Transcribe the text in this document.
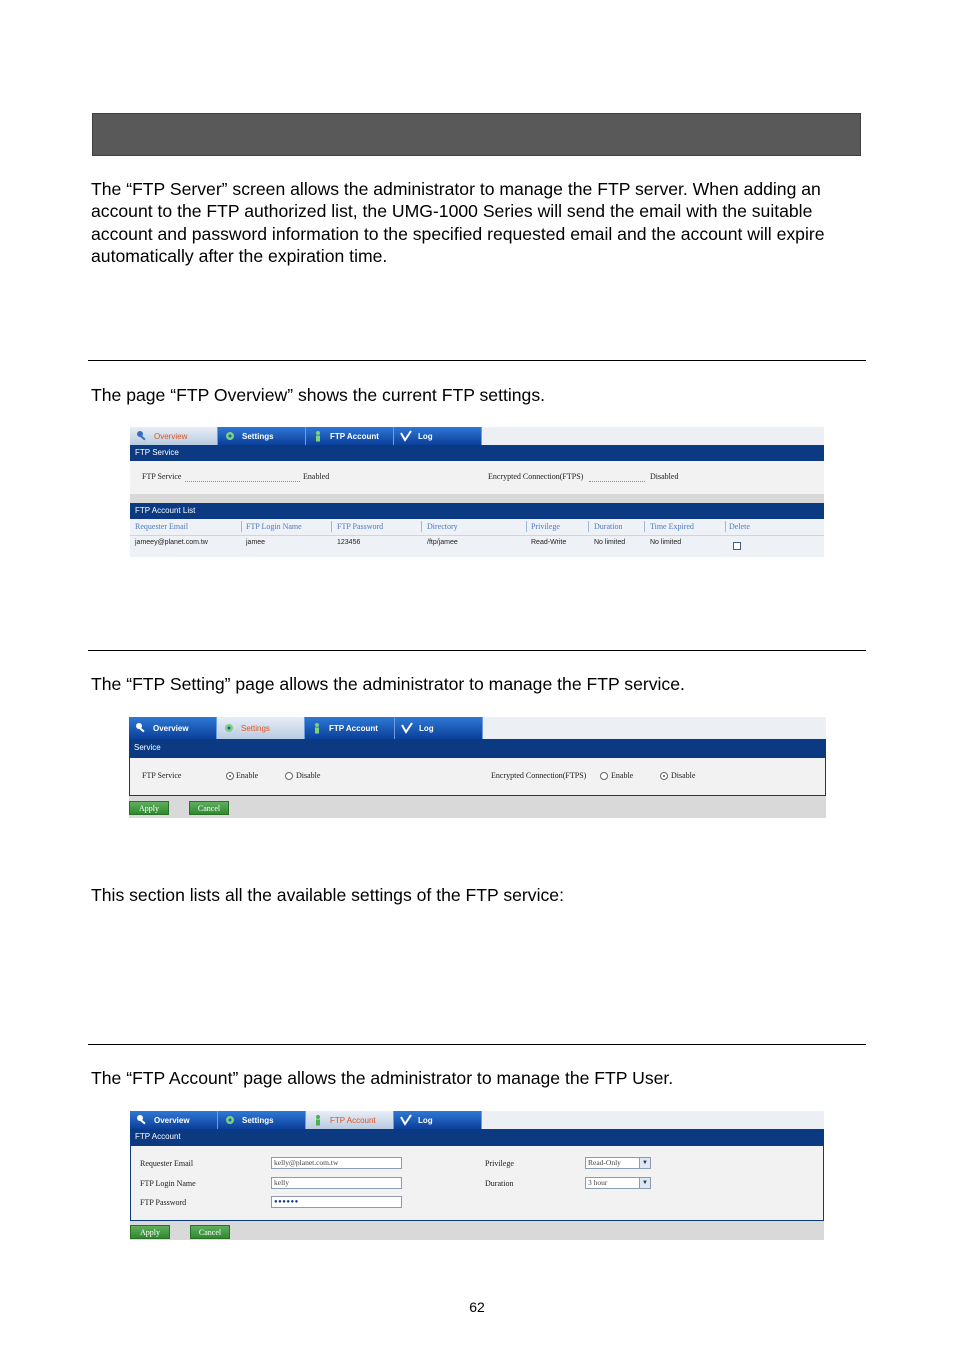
The “FTP Server” screen allows the administrator to manage the FTP server. When adding an account to the FTP authorized list, the UMG-1000 Series will send the email with the suitable account and password information to the specified requested email and the account will expire automatically after the expiration time.

The page “FTP Overview” shows the current FTP settings.

Overview	Settings	FTP Account	Log
FTP Service
FTP Service	Enabled	Encrypted Connection(FTPS)	Disabled
FTP Account List
Requester Email	FTP Login Name	FTP Password	Directory	Privilege	Duration	Time Expired	Delete
jameey@planet.com.tw	jamee	123456	/ftp/jamee	Read-Write	No limited	No limited

The “FTP Setting” page allows the administrator to manage the FTP service.

Overview	Settings	FTP Account	Log
Service
FTP Service	Enable	Disable	Encrypted Connection(FTPS)	Enable	Disable
Apply	Cancel

This section lists all the available settings of the FTP service:

The “FTP Account” page allows the administrator to manage the FTP User.

Overview	Settings	FTP Account	Log
FTP Account
Requester Email	kelly@planet.com.tw
FTP Login Name	kelly
FTP Password	●●●●●●
Privilege	Read-Only	▼
Duration	3 hour	▼
Apply	Cancel
62
